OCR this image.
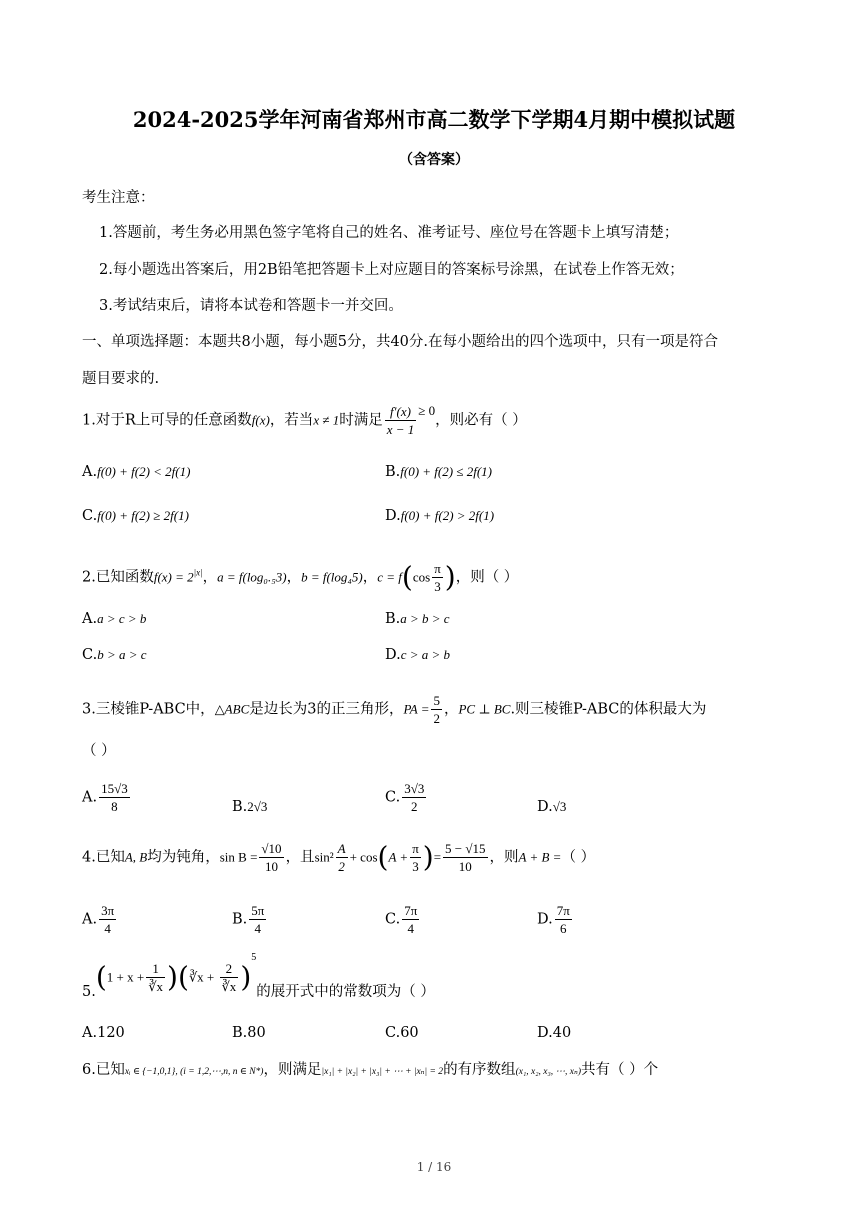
2024-2025学年河南省郑州市高二数学下学期4月期中模拟试题
（含答案）
考生注意：
1.答题前，考生务必用黑色签字笔将自己的姓名、准考证号、座位号在答题卡上填写清楚；
2.每小题选出答案后，用2B铅笔把答题卡上对应题目的答案标号涂黑，在试卷上作答无效；
3.考试结束后，请将本试卷和答题卡一并交回。
一、单项选择题：本题共8小题，每小题5分，共40分.在每小题给出的四个选项中，只有一项是符合
题目要求的.
1.对于R上可导的任意函数f(x)，若当x ≠ 1时满足 $\frac{f'(x)}{x - 1} \ge 0$，则必有（ ）
A.f(0) + f(2) < 2f(1)	B.f(0) + f(2) ≤ 2f(1)
C.f(0) + f(2) ≥ 2f(1)	D.f(0) + f(2) > 2f(1)
2.已知函数$f(x) = 2^{|x|}$，a = f(log₀.₅3)，b = f(log₄5)，$c = f(\cos \frac{\pi}{3}$ )，则（ ）
A.a > c > b	B.a > b > c
C.b > a > c	D.c > a > b
3.三棱锥P-ABC中，△ABC是边长为3的正三角形，PA = $\frac{5}{2}$ ，PC ⊥ BC.则三棱锥P-ABC的体积最大为
（ ）
A. $\frac{15√3}{8}$	B.2√3
C. $\frac{3√3}{2}$	D.√3
4.已知A, B均为钝角，$\sin B = \frac{√10}{10}$ ，且$\sin^2 \frac{A}{2} + \cos(A + \frac{\pi}{3}$ )= $\frac{5 - √15}{10}$ ，则A + B =（ ）
A. $\frac{3\pi}{4}$	B. $\frac{5\pi}{4}$	C. $\frac{7\pi}{4}$	D. $\frac{7\pi}{6}$
$5.(1 + x + \frac{1}{∛x}$ )(∛x + $\frac{2}{∛x} )^5$的展开式中的常数项为（ ）
A.120	B.80	C.60	D.40
6.已知xᵢ ∈ {−1,0,1}, (i = 1,2,⋯,n, n ∈ N*)，则满足|x₁| + |x₂| + |x₃| + ⋯ + |xₙ| = 2的有序数组(x₁, x₂, x₃, ⋯, xₙ)共有（ ）个
1 / 16
